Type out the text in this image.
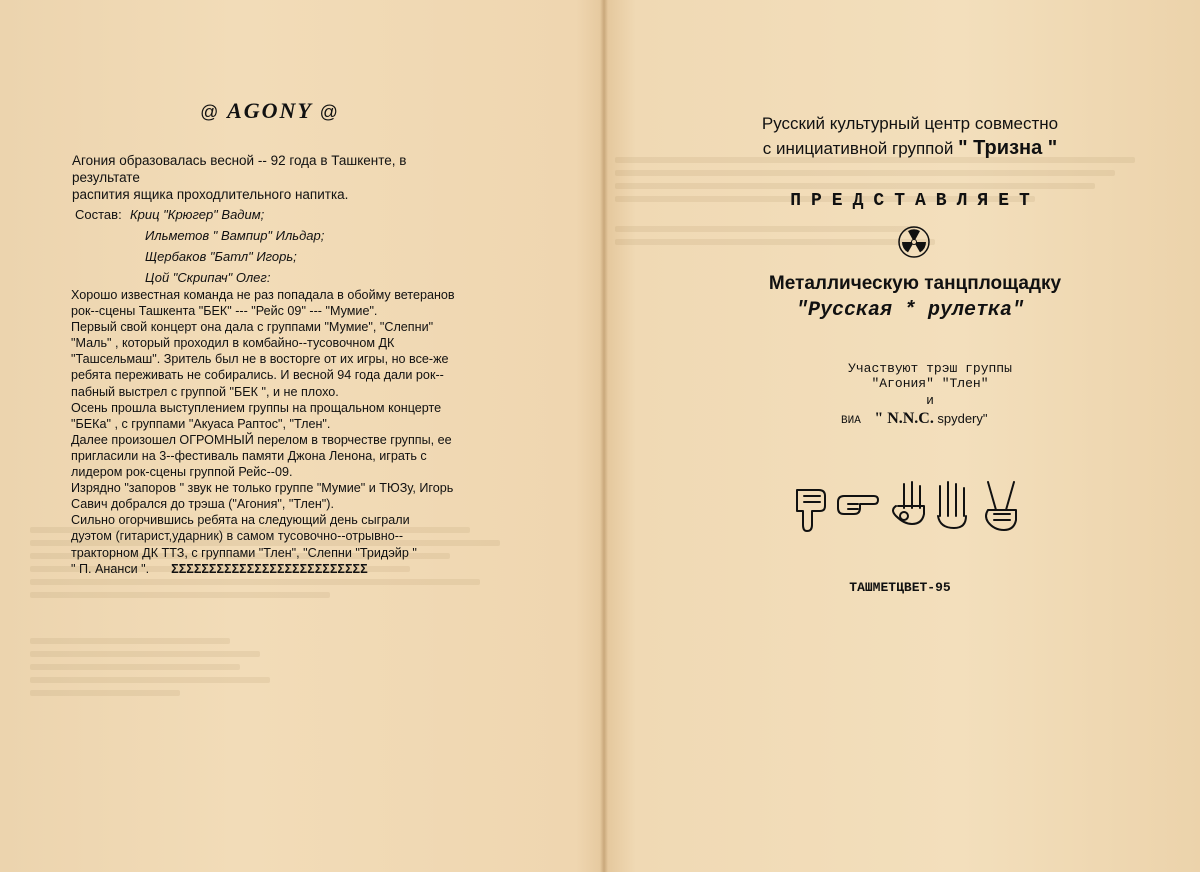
@ AGONY @
Агония образовалась весной -- 92 года в Ташкенте, в
результате
распития ящика проходлительного напитка.
Состав: Криц "Крюгер" Вадим;
Ильметов " Вампир" Ильдар;
Щербаков "Батл" Игорь;
Цой "Скрипач" Олег:

Хорошо известная команда не раз попадала в обойму ветеранов

рок--сцены Ташкента "БЕК" --- "Рейс 09" --- "Мумие".

Первый свой концерт она дала с группами "Мумие", "Слепни"

"Маль" , который проходил в комбайно--тусовочном ДК

"Ташсельмаш". Зритель был не в восторге от их игры, но все-же

ребята переживать не собирались. И весной 94 года дали рок--

пабный выстрел с группой "БЕК ", и не плохо.

Осень прошла выступлением группы на прощальном концерте

"БЕКа" , с группами "Акуаса Раптос", "Тлен".

Далее произошел ОГРОМНЫЙ перелом в творчестве группы, ее

пригласили на 3--фестиваль памяти Джона Ленона, играть с

лидером рок-сцены группой Рейс--09.

Изрядно "запоров " звук не только группе "Мумие" и ТЮЗу, Игорь

Савич добрался до трэша ("Агония", "Тлен").

Сильно огорчившись ребята на следующий день сыграли

дуэтом (гитарист,ударник) в самом тусовочно--отрывно--

тракторном ДК ТТЗ, с группами "Тлен", "Слепни "Тридэйр "

" П. Ананси ". ΣΣΣΣΣΣΣΣΣΣΣΣΣΣΣΣΣΣΣΣΣΣΣΣΣΣ

Русский культурный центр совместно
с инициативной группой " Тризна "
ПРЕДСТАВЛЯЕТ
Металлическую танцплощадку
"Русская * рулетка"
Участвуют трэш группы
"Агония" "Тлен"
и
ВИА " N.N.C. spydery"
ТАШМЕТЦВЕТ-95
